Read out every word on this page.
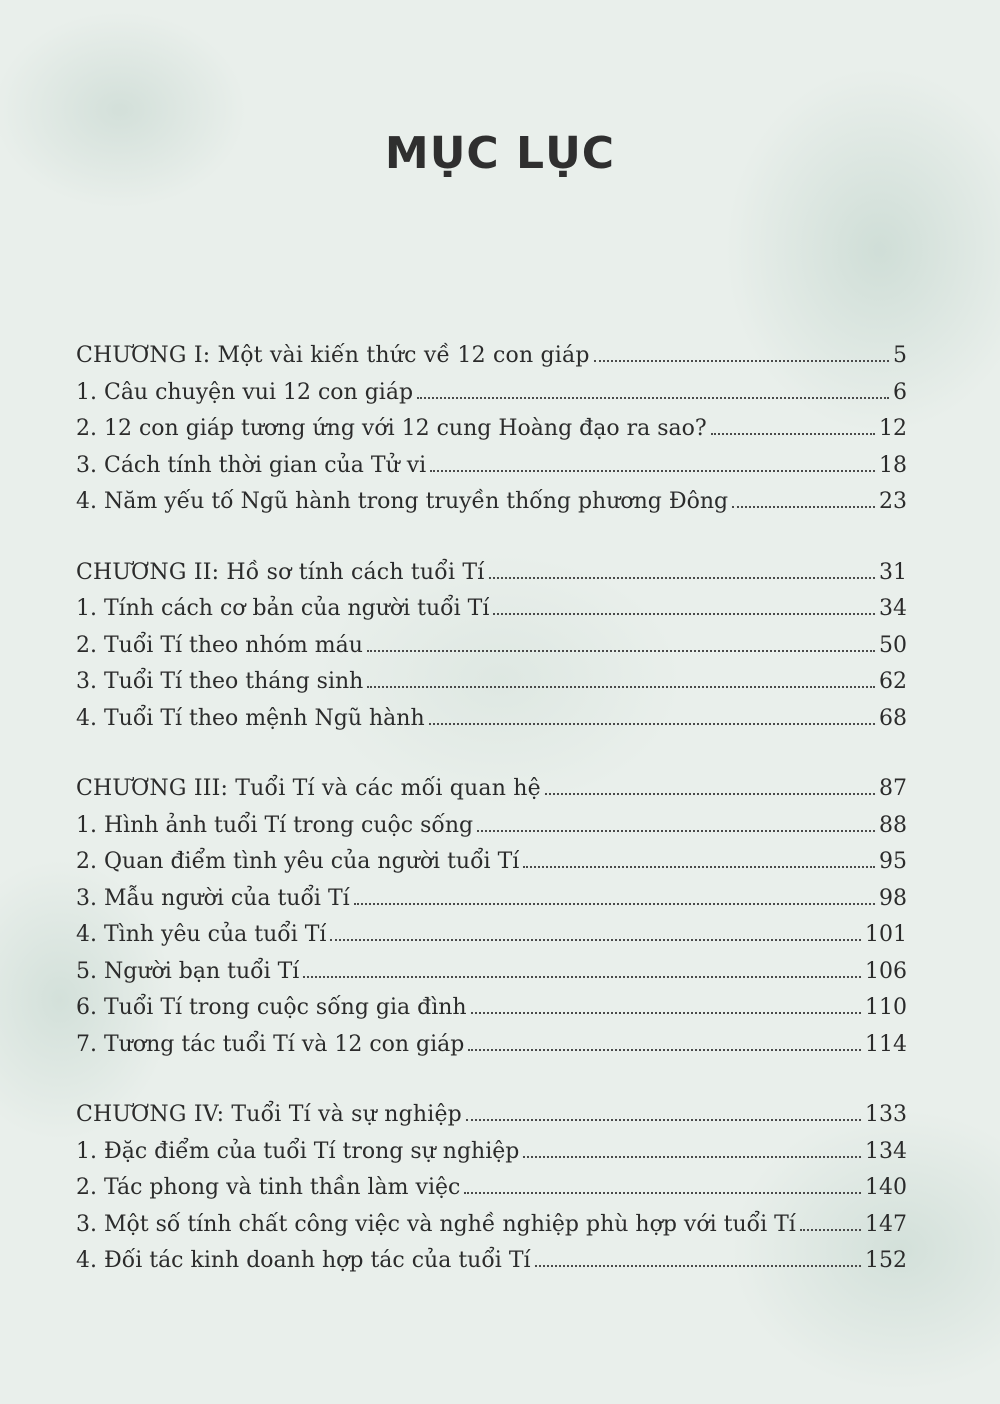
MỤC LỤC
CHƯƠNG I: Một vài kiến thức về 12 con giáp	5
1. Câu chuyện vui 12 con giáp	6
2. 12 con giáp tương ứng với 12 cung Hoàng đạo ra sao?	12
3. Cách tính thời gian của Tử vi	18
4. Năm yếu tố Ngũ hành trong truyền thống phương Đông	23
CHƯƠNG II: Hồ sơ tính cách tuổi Tí	31
1. Tính cách cơ bản của người tuổi Tí	34
2. Tuổi Tí theo nhóm máu	50
3. Tuổi Tí theo tháng sinh	62
4. Tuổi Tí theo mệnh Ngũ hành	68
CHƯƠNG III: Tuổi Tí và các mối quan hệ	87
1. Hình ảnh tuổi Tí trong cuộc sống	88
2. Quan điểm tình yêu của người tuổi Tí	95
3. Mẫu người của tuổi Tí	98
4. Tình yêu của tuổi Tí	101
5. Người bạn tuổi Tí	106
6. Tuổi Tí trong cuộc sống gia đình	110
7. Tương tác tuổi Tí và 12 con giáp	114
CHƯƠNG IV: Tuổi Tí và sự nghiệp	133
1. Đặc điểm của tuổi Tí trong sự nghiệp	134
2. Tác phong và tinh thần làm việc	140
3. Một số tính chất công việc và nghề nghiệp phù hợp với tuổi Tí	147
4. Đối tác kinh doanh hợp tác của tuổi Tí	152
